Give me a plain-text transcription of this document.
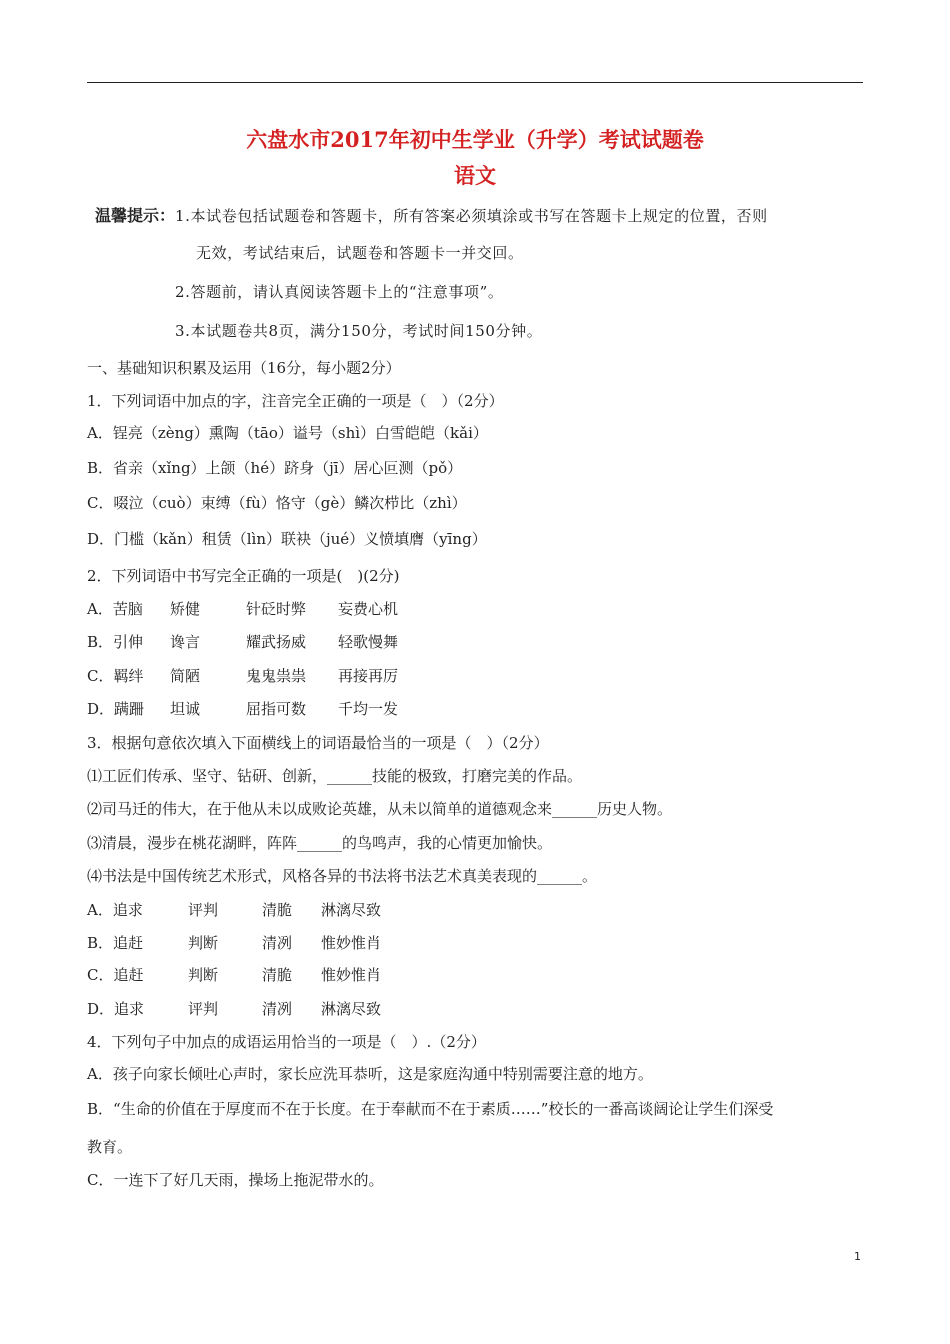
六盘水市2017年初中生学业（升学）考试试题卷
语文
温馨提示：1.本试卷包括试题卷和答题卡，所有答案必须填涂或书写在答题卡上规定的位置，否则
无效，考试结束后，试题卷和答题卡一并交回。
2.答题前，请认真阅读答题卡上的“注意事项”。
3.本试题卷共8页，满分150分，考试时间150分钟。
一、基础知识积累及运用（16分，每小题2分）
1．下列词语中加点的字，注音完全正确的一项是（　）（2分）
A．锃亮（zèng）熏陶（tāo）谥号（shì）白雪皑皑（kǎi）
B．省亲（xǐng）上颌（hé）跻身（jī）居心叵测（pǒ）
C．啜泣（cuò）束缚（fù）恪守（gè）鳞次栉比（zhì）
D．门槛（kǎn）租赁（lìn）联袂（jué）义愤填膺（yīng）
2．下列词语中书写完全正确的一项是(　)(2分)
A．苦脑 矫健	针砭时弊 妄费心机
B．引伸 谗言	耀武扬威 轻歌慢舞
C．羁绊 简陋	鬼鬼祟祟 再接再厉
D．蹒跚 坦诚	屈指可数 千均一发
3．根据句意依次填入下面横线上的词语最恰当的一项是（　）（2分）
⑴工匠们传承、坚守、钻研、创新，______技能的极致，打磨完美的作品。
⑵司马迁的伟大，在于他从未以成败论英雄，从未以简单的道德观念来______历史人物。
⑶清晨，漫步在桃花湖畔，阵阵______的鸟鸣声，我的心情更加愉快。
⑷书法是中国传统艺术形式，风格各异的书法将书法艺术真美表现的______。
A．追求	评判	清脆 淋漓尽致
B．追赶	判断	清冽 惟妙惟肖
C．追赶	判断	清脆 惟妙惟肖
D．追求	评判	清冽 淋漓尽致
4．下列句子中加点的成语运用恰当的一项是（　）.（2分）
A．孩子向家长倾吐心声时，家长应洗耳恭听，这是家庭沟通中特别需要注意的地方。
B．“生命的价值在于厚度而不在于长度。在于奉献而不在于素质……”校长的一番高谈阔论让学生们深受
教育。
C．一连下了好几天雨，操场上拖泥带水的。
1
